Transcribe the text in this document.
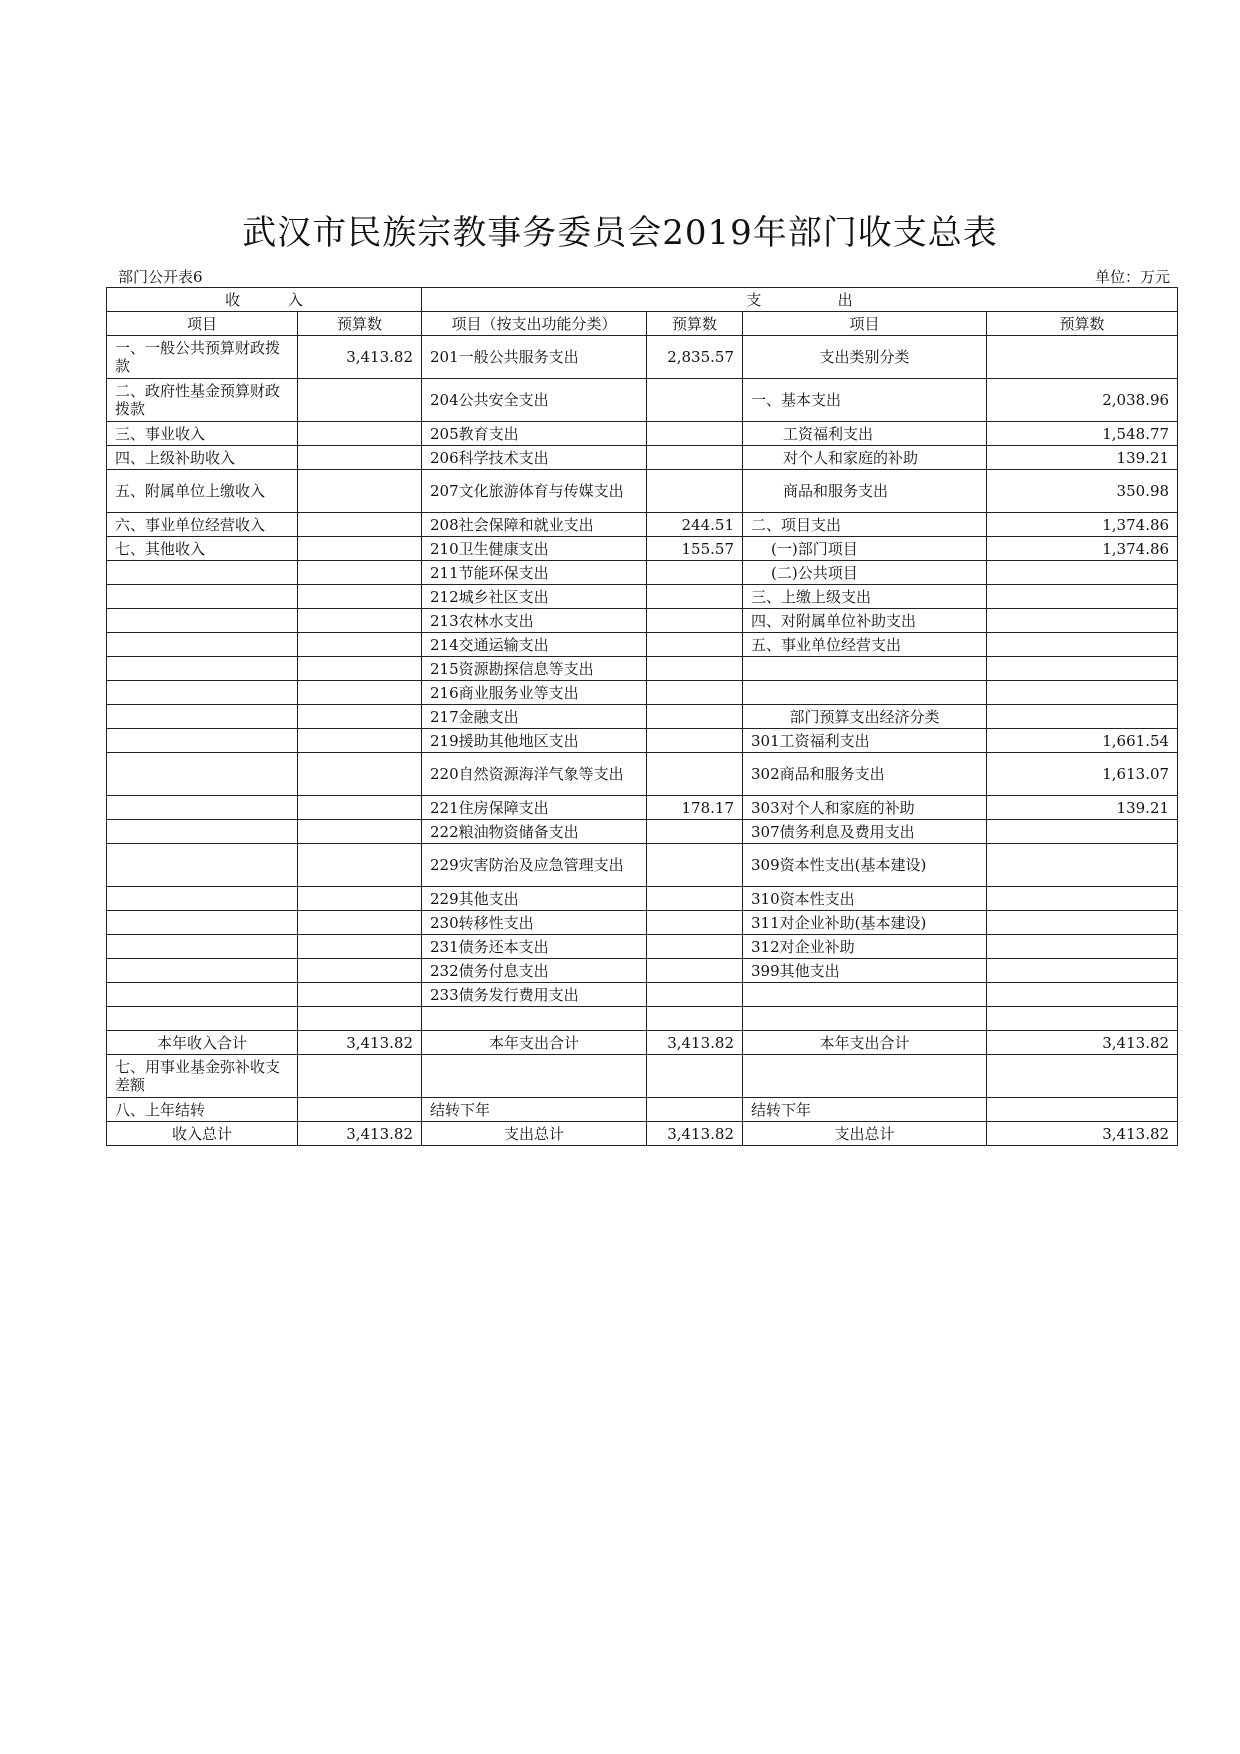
武汉市民族宗教事务委员会2019年部门收支总表
部门公开表6	单位：万元
收          入		支                出			
项目	预算数	项目（按支出功能分类）	预算数	项目	预算数
一、一般公共预算财政拨款	3,413.82	201一般公共服务支出	2,835.57	支出类别分类	
二、政府性基金预算财政拨款		204公共安全支出		一、基本支出	2,038.96
三、事业收入		205教育支出		工资福利支出	1,548.77
四、上级补助收入		206科学技术支出		对个人和家庭的补助	139.21
五、附属单位上缴收入		207文化旅游体育与传媒支出		商品和服务支出	350.98
六、事业单位经营收入		208社会保障和就业支出	244.51	二、项目支出	1,374.86
七、其他收入		210卫生健康支出	155.57	(一)部门项目	1,374.86
		211节能环保支出		(二)公共项目	
		212城乡社区支出		三、上缴上级支出	
		213农林水支出		四、对附属单位补助支出	
		214交通运输支出		五、事业单位经营支出	
		215资源勘探信息等支出			
		216商业服务业等支出			
		217金融支出		部门预算支出经济分类	
		219援助其他地区支出		301工资福利支出	1,661.54
		220自然资源海洋气象等支出		302商品和服务支出	1,613.07
		221住房保障支出	178.17	303对个人和家庭的补助	139.21
		222粮油物资储备支出		307债务利息及费用支出	
		229灾害防治及应急管理支出		309资本性支出(基本建设)	
		229其他支出		310资本性支出	
		230转移性支出		311对企业补助(基本建设)	
		231债务还本支出		312对企业补助	
		232债务付息支出		399其他支出	
		233债务发行费用支出			

本年收入合计	3,413.82	本年支出合计	3,413.82	本年支出合计	3,413.82
七、用事业基金弥补收支差额					
八、上年结转		结转下年		结转下年	
收入总计	3,413.82	支出总计	3,413.82	支出总计	3,413.82
